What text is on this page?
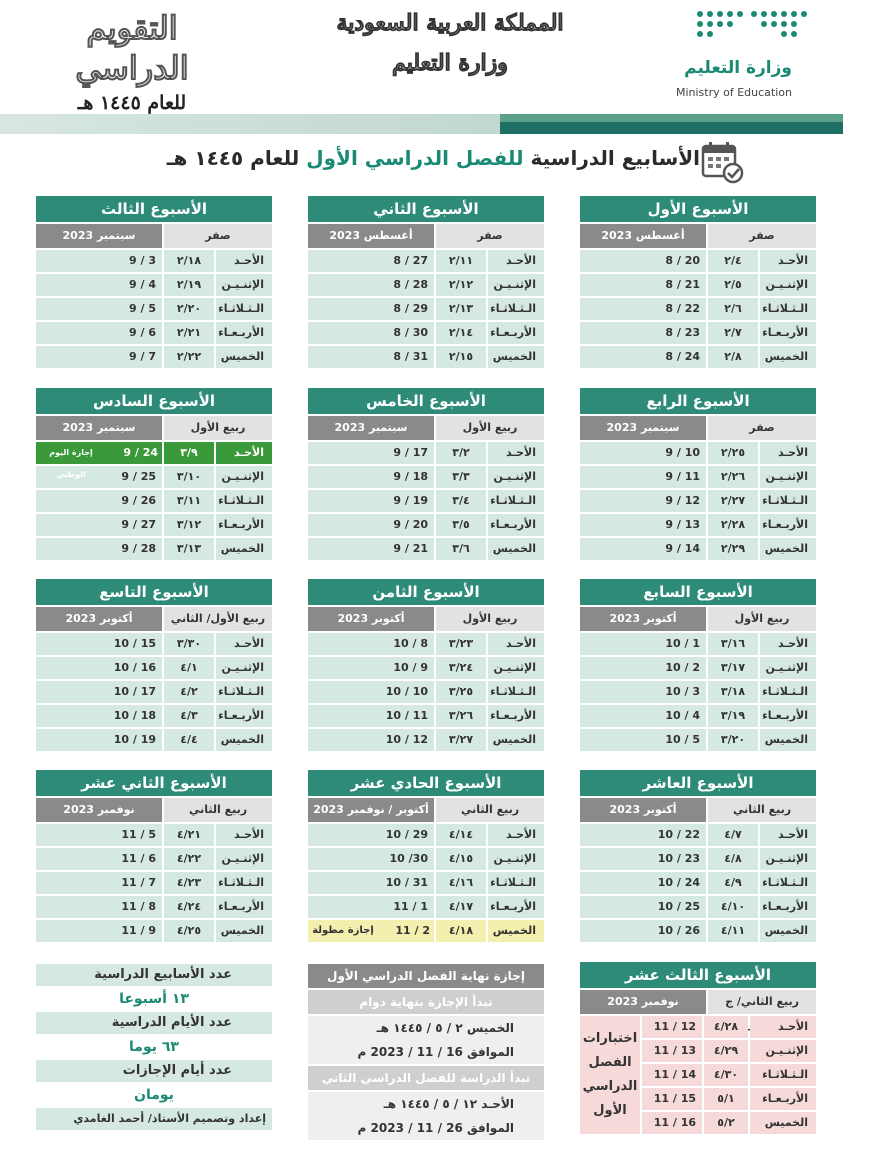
التقويم الدراسي
للعام ١٤٤٥ هـ
المملكة العربية السعودية
وزارة التعليم	وزارة التعليم
Ministry of Education
الأسابيع الدراسية للفصل الدراسي الأول للعام ١٤٤٥ هـ
الأسبوع الأول
أغسطس 2023	صفر
8 / 20	٢/٤	الأحـد
8 / 21	٢/٥	الإثنـيـن
8 / 22	٢/٦	الـثـلاثـاء
8 / 23	٢/٧	الأربـعـاء
8 / 24	٢/٨	الخميس
الأسبوع الثاني
أغسطس 2023	صفر
8 / 27	٢/١١	الأحـد
8 / 28	٢/١٢	الإثنـيـن
8 / 29	٢/١٣	الـثـلاثـاء
8 / 30	٢/١٤	الأربـعـاء
8 / 31	٢/١٥	الخميس
الأسبوع الثالث
سبتمبر 2023	صفر
9 / 3	٢/١٨	الأحـد
9 / 4	٢/١٩	الإثنـيـن
9 / 5	٢/٢٠	الـثـلاثـاء
9 / 6	٢/٢١	الأربـعـاء
9 / 7	٢/٢٢	الخميس
الأسبوع الرابع
سبتمبر 2023	صفر
9 / 10	٢/٢٥	الأحـد
9 / 11	٢/٢٦	الإثنـيـن
9 / 12	٢/٢٧	الـثـلاثـاء
9 / 13	٢/٢٨	الأربـعـاء
9 / 14	٢/٢٩	الخميس
الأسبوع الخامس
سبتمبر 2023	ربيع الأول
9 / 17	٣/٢	الأحـد
9 / 18	٣/٣	الإثنـيـن
9 / 19	٣/٤	الـثـلاثـاء
9 / 20	٣/٥	الأربـعـاء
9 / 21	٣/٦	الخميس
الأسبوع السادس
سبتمبر 2023	ربيع الأول
إجازة اليوم الوطني
9 / 24	٣/٩	الأحـد
9 / 25	٣/١٠	الإثنـيـن
9 / 26	٣/١١	الـثـلاثـاء
9 / 27	٣/١٢	الأربـعـاء
9 / 28	٣/١٣	الخميس
الأسبوع السابع
أكتوبر 2023	ربيع الأول
10 / 1	٣/١٦	الأحـد
10 / 2	٣/١٧	الإثنـيـن
10 / 3	٣/١٨	الـثـلاثـاء
10 / 4	٣/١٩	الأربـعـاء
10 / 5	٣/٢٠	الخميس
الأسبوع الثامن
أكتوبر 2023	ربيع الأول
10 / 8	٣/٢٣	الأحـد
10 / 9	٣/٢٤	الإثنـيـن
10 / 10	٣/٢٥	الـثـلاثـاء
10 / 11	٣/٢٦	الأربـعـاء
10 / 12	٣/٢٧	الخميس
الأسبوع التاسع
أكتوبر 2023	ربيع الأول/ الثاني
10 / 15	٣/٣٠	الأحـد
10 / 16	٤/١	الإثنـيـن
10 / 17	٤/٢	الـثـلاثـاء
10 / 18	٤/٣	الأربـعـاء
10 / 19	٤/٤	الخميس
الأسبوع العاشر
أكتوبر 2023	ربيع الثاني
10 / 22	٤/٧	الأحـد
10 / 23	٤/٨	الإثنـيـن
10 / 24	٤/٩	الـثـلاثـاء
10 / 25	٤/١٠	الأربـعـاء
10 / 26	٤/١١	الخميس
الأسبوع الحادي عشر
أكتوبر / نوفمبر 2023	ربيع الثاني
10 / 29	٤/١٤	الأحـد
10 /30	٤/١٥	الإثنـيـن
10 / 31	٤/١٦	الـثـلاثـاء
11 / 1	٤/١٧	الأربـعـاء
إجازة مطولة	11 / 2	٤/١٨	الخميس
الأسبوع الثاني عشر
نوفمبر 2023	ربيع الثاني
11 / 5	٤/٢١	الأحـد
11 / 6	٤/٢٢	الإثنـيـن
11 / 7	٤/٢٣	الـثـلاثـاء
11 / 8	٤/٢٤	الأربـعـاء
11 / 9	٤/٢٥	الخميس
الأسبوع الثالث عشر
نوفمبر 2023	ربيع الثاني/ ج
اختبارات الفصل الدراسي الأول
11 / 12	٤/٢٨	الأحـد
11 / 13	٤/٢٩	الإثنـيـن
11 / 14	٤/٣٠	الـثـلاثـاء
11 / 15	٥/١	الأربـعـاء
11 / 16	٥/٢	الخميس
عدد الأسابيع الدراسية
١٣ أسبوعا
عدد الأيام الدراسية
٦٣ يوما
عدد أيام الإجازات
يومان
إعداد وتصميم الأستاذ/ أحمد الغامدي
إجازة نهاية الفصل الدراسي الأول
تبدأ الإجازة بنهاية دوام
الخميس ٢ / ٥ / ١٤٤٥ هـ
الموافق 16 / 11 / 2023 م
تبدأ الدراسة للفصل الدراسي الثاني
الأحـد ١٢ / ٥ / ١٤٤٥ هـ
الموافق 26 / 11 / 2023 م
